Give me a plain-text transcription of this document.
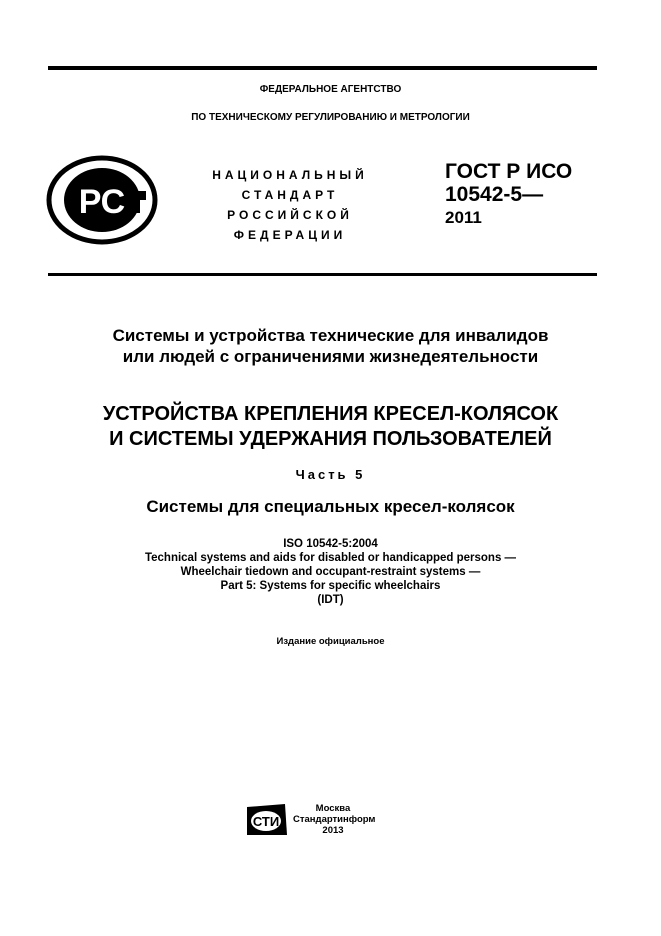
ФЕДЕРАЛЬНОЕ АГЕНТСТВО
ПО ТЕХНИЧЕСКОМУ РЕГУЛИРОВАНИЮ И МЕТРОЛОГИИ
РС
НАЦИОНАЛЬНЫЙ
СТАНДАРТ
РОССИЙСКОЙ
ФЕДЕРАЦИИ
ГОСТ Р ИСО
10542-5—
2011
Системы и устройства технические для инвалидов
или людей с ограничениями жизнедеятельности
УСТРОЙСТВА КРЕПЛЕНИЯ КРЕСЕЛ-КОЛЯСОК
И СИСТЕМЫ УДЕРЖАНИЯ ПОЛЬЗОВАТЕЛЕЙ
Часть 5
Системы для специальных кресел-колясок
ISO 10542-5:2004
Technical systems and aids for disabled or handicapped persons —
Wheelchair tiedown and occupant-restraint systems —
Part 5: Systems for specific wheelchairs
(IDT)
Издание официальное
СТИ
Москва
Стандартинформ
2013
